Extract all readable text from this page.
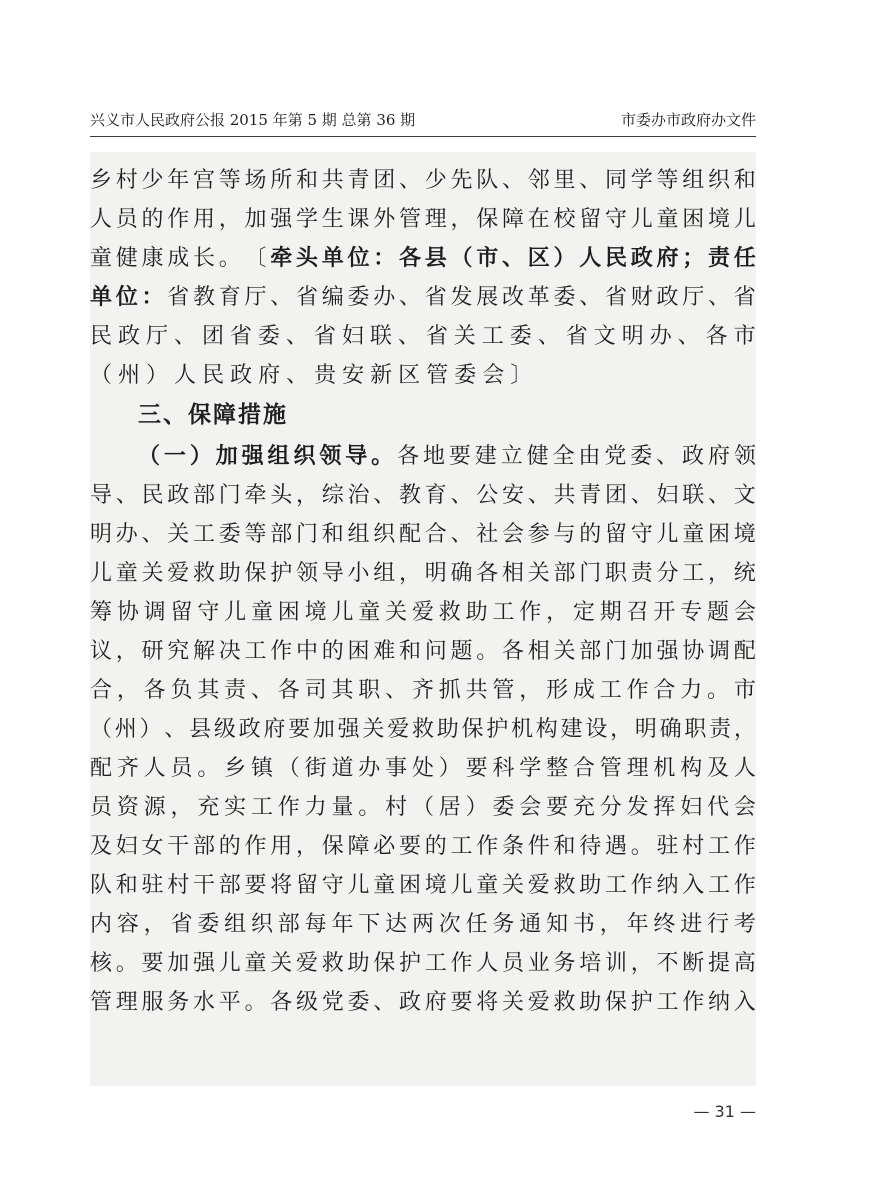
兴义市人民政府公报 2015 年第 5 期 总第 36 期	市委办市政府办文件
乡 村 少 年 宫 等 场 所 和 共 青 团 、 少 先 队 、 邻 里 、 同 学 等 组 织 和
人 员 的 作 用 ， 加 强 学 生 课 外 管 理 ， 保 障 在 校 留 守 儿 童 困 境 儿
童 健 康 成 长 。 〔 牵 头 单 位 ： 各 县 （ 市 、 区 ） 人 民 政 府 ； 责 任
单 位 ： 省 教 育 厅 、 省 编 委 办 、 省 发 展 改 革 委 、 省 财 政 厅 、 省
民 政 厅 、 团 省 委 、 省 妇 联 、 省 关 工 委 、 省 文 明 办 、 各 市
（ 州 ） 人 民 政 府 、 贵 安 新 区 管 委 会 〕
三 、 保 障 措 施
（ 一 ） 加 强 组 织 领 导 。 各 地 要 建 立 健 全 由 党 委 、 政 府 领
导 、 民 政 部 门 牵 头 ， 综 治 、 教 育 、 公 安 、 共 青 团 、 妇 联 、 文
明 办 、 关 工 委 等 部 门 和 组 织 配 合 、 社 会 参 与 的 留 守 儿 童 困 境
儿 童 关 爱 救 助 保 护 领 导 小 组 ， 明 确 各 相 关 部 门 职 责 分 工 ， 统
筹 协 调 留 守 儿 童 困 境 儿 童 关 爱 救 助 工 作 ， 定 期 召 开 专 题 会
议 ， 研 究 解 决 工 作 中 的 困 难 和 问 题 。 各 相 关 部 门 加 强 协 调 配
合 ， 各 负 其 责 、 各 司 其 职 、 齐 抓 共 管 ， 形 成 工 作 合 力 。 市
（ 州 ） 、 县 级 政 府 要 加 强 关 爱 救 助 保 护 机 构 建 设 ， 明 确 职 责 ，
配 齐 人 员 。 乡 镇 （ 街 道 办 事 处 ） 要 科 学 整 合 管 理 机 构 及 人
员 资 源 ， 充 实 工 作 力 量 。 村 （ 居 ） 委 会 要 充 分 发 挥 妇 代 会
及 妇 女 干 部 的 作 用 ， 保 障 必 要 的 工 作 条 件 和 待 遇 。 驻 村 工 作
队 和 驻 村 干 部 要 将 留 守 儿 童 困 境 儿 童 关 爱 救 助 工 作 纳 入 工 作
内 容 ， 省 委 组 织 部 每 年 下 达 两 次 任 务 通 知 书 ， 年 终 进 行 考
核 。 要 加 强 儿 童 关 爱 救 助 保 护 工 作 人 员 业 务 培 训 ， 不 断 提 高
管 理 服 务 水 平 。 各 级 党 委 、 政 府 要 将 关 爱 救 助 保 护 工 作 纳 入
— 31 —
